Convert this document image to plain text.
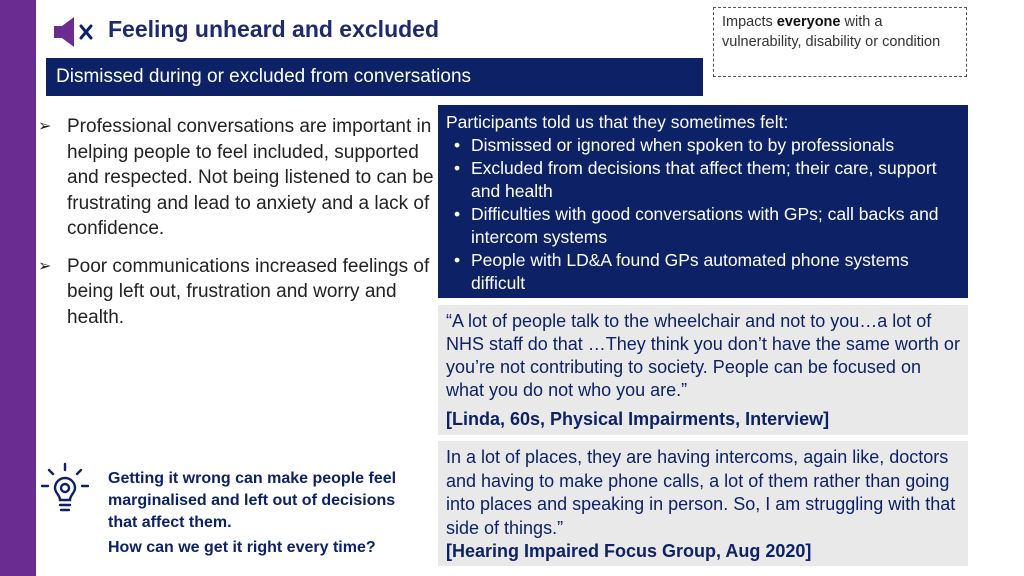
Feeling unheard and excluded	Impacts everyone with a vulnerability, disability or condition
Dismissed during or excluded from conversations
➢ Professional conversations are important in helping people to feel included, supported and respected. Not being listened to can be frustrating and lead to anxiety and a lack of confidence.
➢ Poor communications increased feelings of being left out, frustration and worry and health.
Getting it wrong can make people feel marginalised and left out of decisions that affect them.
How can we get it right every time?
Participants told us that they sometimes felt:
• Dismissed or ignored when spoken to by professionals
• Excluded from decisions that affect them; their care, support and health
• Difficulties with good conversations with GPs; call backs and intercom systems
• People with LD&A found GPs automated phone systems difficult
“A lot of people talk to the wheelchair and not to you…a lot of NHS staff do that …They think you don’t have the same worth or you’re not contributing to society. People can be focused on what you do not who you are.”
[Linda, 60s, Physical Impairments, Interview]
In a lot of places, they are having intercoms, again like, doctors and having to make phone calls, a lot of them rather than going into places and speaking in person. So, I am struggling with that side of things.”
[Hearing Impaired Focus Group, Aug 2020]
